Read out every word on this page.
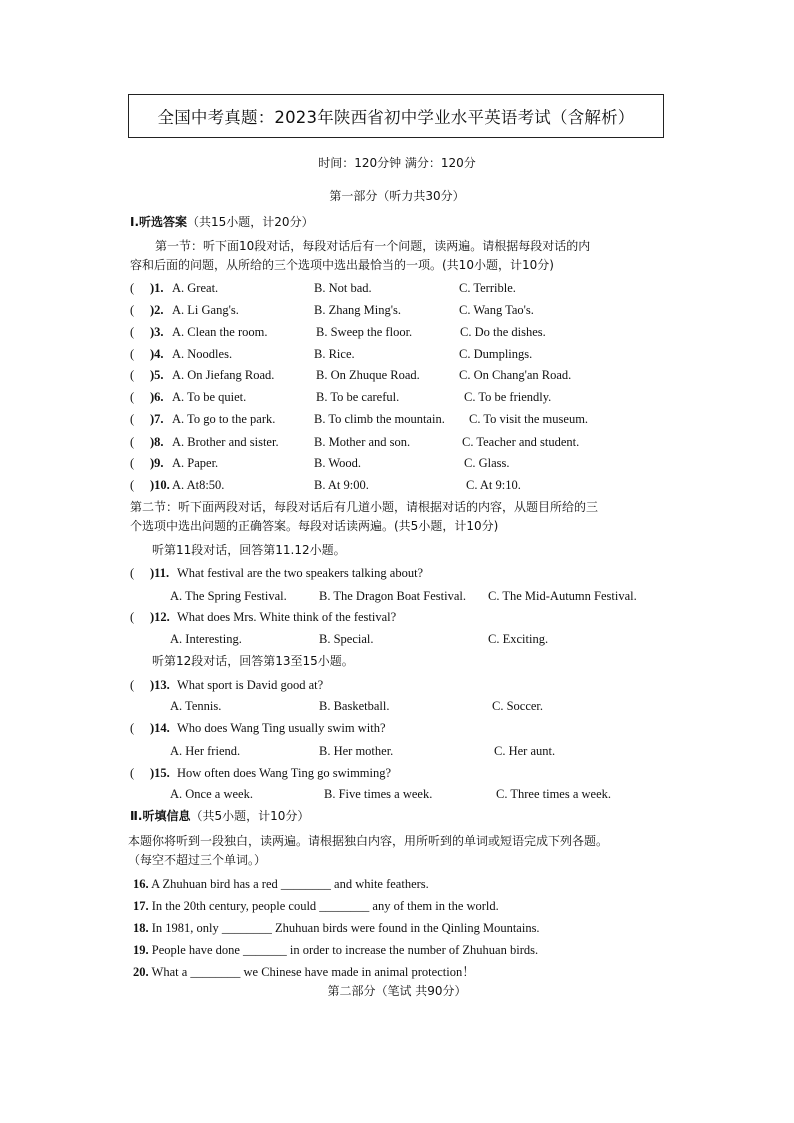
全国中考真题：2023年陕西省初中学业水平英语考试（含解析）
时间：120分钟 满分：120分
第一部分（听力共30分）
Ⅰ.听选答案（共15小题，计20分）
第一节：听下面10段对话，每段对话后有一个问题，读两遍。请根据每段对话的内
容和后面的问题，从所给的三个选项中选出最恰当的一项。(共10小题，计10分)
( )1. A. Great.	B. Not bad.	C. Terrible.
( )2. A. Li Gang's.	B. Zhang Ming's.	C. Wang Tao's.
( )3. A. Clean the room.	B. Sweep the floor.	C. Do the dishes.
( )4. A. Noodles.	B. Rice.	C. Dumplings.
( )5. A. On Jiefang Road.	B. On Zhuque Road.	C. On Chang'an Road.
( )6. A. To be quiet.	B. To be careful.	C. To be friendly.
( )7. A. To go to the park.	B. To climb the mountain. C. To visit the museum.
( )8. A. Brother and sister.	B. Mother and son.	C. Teacher and student.
( )9. A. Paper.	B. Wood.	C. Glass.
( )10. A. At8:50.	B. At 9:00.	C. At 9:10.
第二节：听下面两段对话，每段对话后有几道小题，请根据对话的内容，从题目所给的三
个选项中选出问题的正确答案。每段对话读两遍。(共5小题，计10分)
听第11段对话，回答第11.12小题。
( )11. What festival are the two speakers talking about?
A. The Spring Festival.	B. The Dragon Boat Festival. C. The Mid-Autumn Festival.
( )12. What does Mrs. White think of the festival?
A. Interesting.	B. Special.	C. Exciting.
听第12段对话，回答第13至15小题。
( )13. What sport is David good at?
A. Tennis.	B. Basketball.	C. Soccer.
( )14. Who does Wang Ting usually swim with?
A. Her friend.	B. Her mother.	C. Her aunt.
( )15. How often does Wang Ting go swimming?
A. Once a week.	B. Five times a week.	C. Three times a week.
Ⅱ.听填信息（共5小题，计10分）
本题你将听到一段独白，读两遍。请根据独白内容，用所听到的单词或短语完成下列各题。
（每空不超过三个单词。）
16. A Zhuhuan bird has a red ________ and white feathers.
17. In the 20th century, people could ________ any of them in the world.
18. In 1981, only ________ Zhuhuan birds were found in the Qinling Mountains.
19. People have done _______ in order to increase the number of Zhuhuan birds.
20. What a ________ we Chinese have made in animal protection！
第二部分（笔试 共90分）
